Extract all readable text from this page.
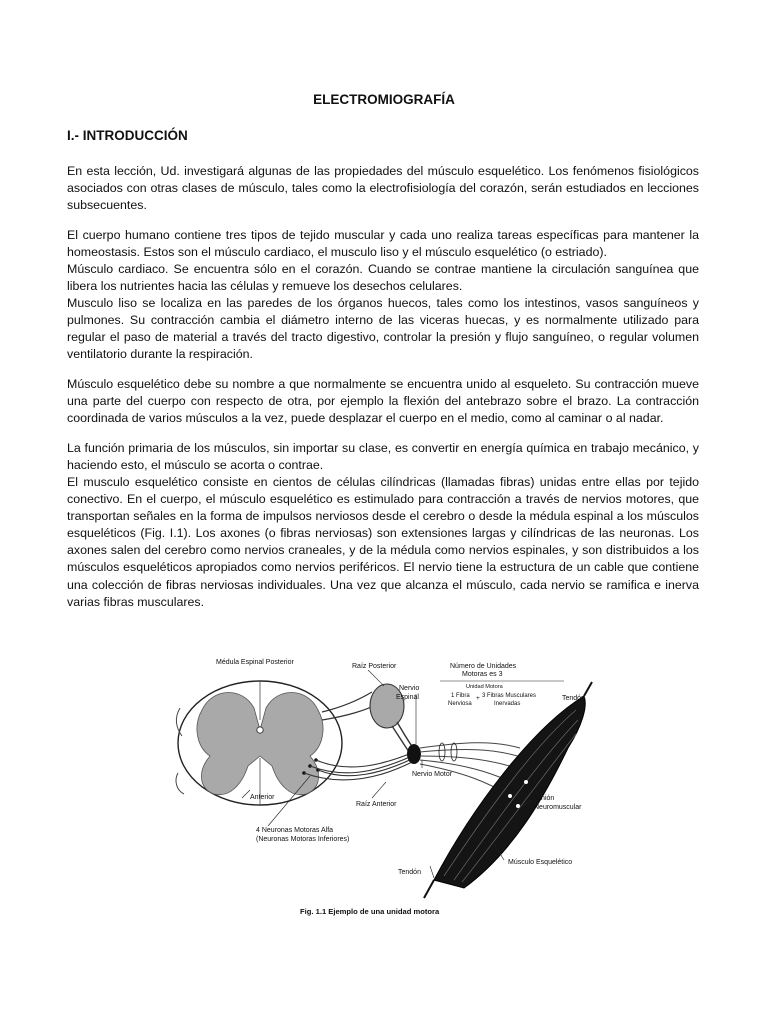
ELECTROMIOGRAFÍA
I.- INTRODUCCIÓN

En esta lección, Ud. investigará algunas de las propiedades del músculo esquelético. Los fenómenos fisiológicos asociados con otras clases de músculo, tales como la electrofisiología del corazón, serán estudiados en lecciones subsecuentes.

El cuerpo humano contiene tres tipos de tejido muscular y cada uno realiza tareas específicas para mantener la homeostasis. Estos son el músculo cardiaco, el musculo liso y el músculo esquelético (o estriado).

Músculo cardiaco. Se encuentra sólo en el corazón. Cuando se contrae mantiene la circulación sanguínea que libera los nutrientes hacia las células y remueve los desechos celulares.

Musculo liso se localiza en las paredes de los órganos huecos, tales como los intestinos, vasos sanguíneos y pulmones. Su contracción cambia el diámetro interno de las viceras huecas, y es normalmente utilizado para regular el paso de material a través del tracto digestivo, controlar la presión y flujo sanguíneo, o regular volumen ventilatorio durante la respiración.

Músculo esquelético debe su nombre a que normalmente se encuentra unido al esqueleto. Su contracción mueve una parte del cuerpo con respecto de otra, por ejemplo la flexión del antebrazo sobre el brazo. La contracción coordinada de varios músculos a la vez, puede desplazar el cuerpo en el medio, como al caminar o al nadar.

La función primaria de los músculos, sin importar su clase, es convertir en energía química en trabajo mecánico, y haciendo esto, el músculo se acorta o contrae.

El musculo esquelético consiste en cientos de células cilíndricas (llamadas fibras) unidas entre ellas por tejido conectivo. En el cuerpo, el músculo esquelético es estimulado para contracción a través de nervios motores, que transportan señales en la forma de impulsos nerviosos desde el cerebro o desde la médula espinal a los músculos esqueléticos (Fig. I.1). Los axones (o fibras nerviosas) son extensiones largas y cilíndricas de las neuronas. Los axones salen del cerebro como nervios craneales, y de la médula como nervios espinales, y son distribuidos a los músculos esqueléticos apropiados como nervios periféricos. El nervio tiene la estructura de un cable que contiene una colección de fibras nerviosas individuales. Una vez que alcanza el músculo, cada nervio se ramifica e inerva varias fibras musculares.

Médula Espinal Posterior
Raíz Posterior
Nervio
Espinal
Número de Unidades
Motoras es 3
Unidad Motora
1 Fibra
Nerviosa
+ 3 Fibras Musculares
Inervadas
Tendón
Nervio Motor
Anterior
Raíz Anterior
Unión
Neuromuscular
4 Neuronas Motoras Alfa
(Neuronas Motoras Inferiores)
Músculo Esquelético
Tendón
Fig. 1.1 Ejemplo de una unidad motora
